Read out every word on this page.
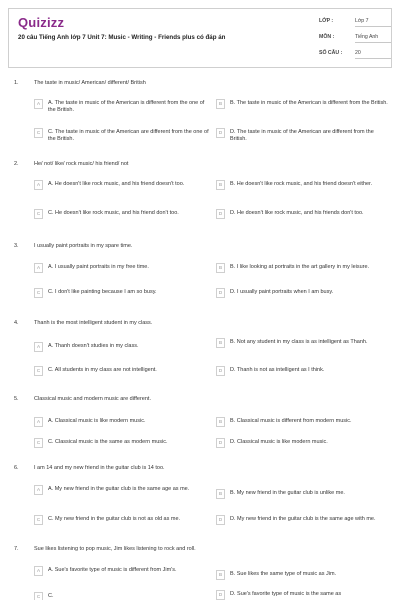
Quizizz
20 câu Tiếng Anh lớp 7 Unit 7: Music - Writing - Friends plus có đáp án
LỚP :	Lớp 7
MÔN :	Tiếng Anh
SỐ CÂU : 20
1.	The taste in music/ American/ different/ British
A	A. The taste in music of the American is different from the one of the British.
B	B. The taste in music of the American is different from the British.
C	C. The taste in music of the American are different from the one of the British.
D	D. The taste in music of the American are different from the British.
2.	He/ not/ like/ rock music/ his friend/ not
A	A. He doesn't like rock music, and his friend doesn't too.	B	B. He doesn't like rock music, and his friend doesn't either.
C	C. He doesn't like rock music, and his friend don't too.	D	D. He doesn't like rock music, and his friends don't too.
3.	I usually paint portraits in my spare time.
A	A. I usually paint portraits in my free time.	B	B. I like looking at portraits in the art gallery in my leisure.
C	C. I don't like painting because I am so busy.	D	D. I usually paint portraits when I am busy.
4.	Thanh is the most intelligent student in my class.
A	A. Thanh doesn't studies in my class.
B	B. Not any student in my class is as intelligent as Thanh.
C	C. All students in my class are not intelligent.	D	D. Thanh is not as intelligent as I think.
5.	Classical music and modern music are different.
A	A. Classical music is like modern music.	B	B. Classical music is different from modern music.
C	C. Classical music is the same as modern music.	D	D. Classical music is like modern music.
6.	I am 14 and my new friend in the guitar club is 14 too.
A	A. My new friend in the guitar club is the same age as me.
B	B. My new friend in the guitar club is unlike me.
C	C. My new friend in the guitar club is not as old as me.	D	D. My new friend in the guitar club is the same age with me.
7.	Sue likes listening to pop music, Jim likes listening to rock and roll.
A	A. Sue's favorite type of music is different from Jim's.
B	B. Sue likes the same type of music as Jim.
C	C.	D	D. Sue's favorite type of music is the same as
